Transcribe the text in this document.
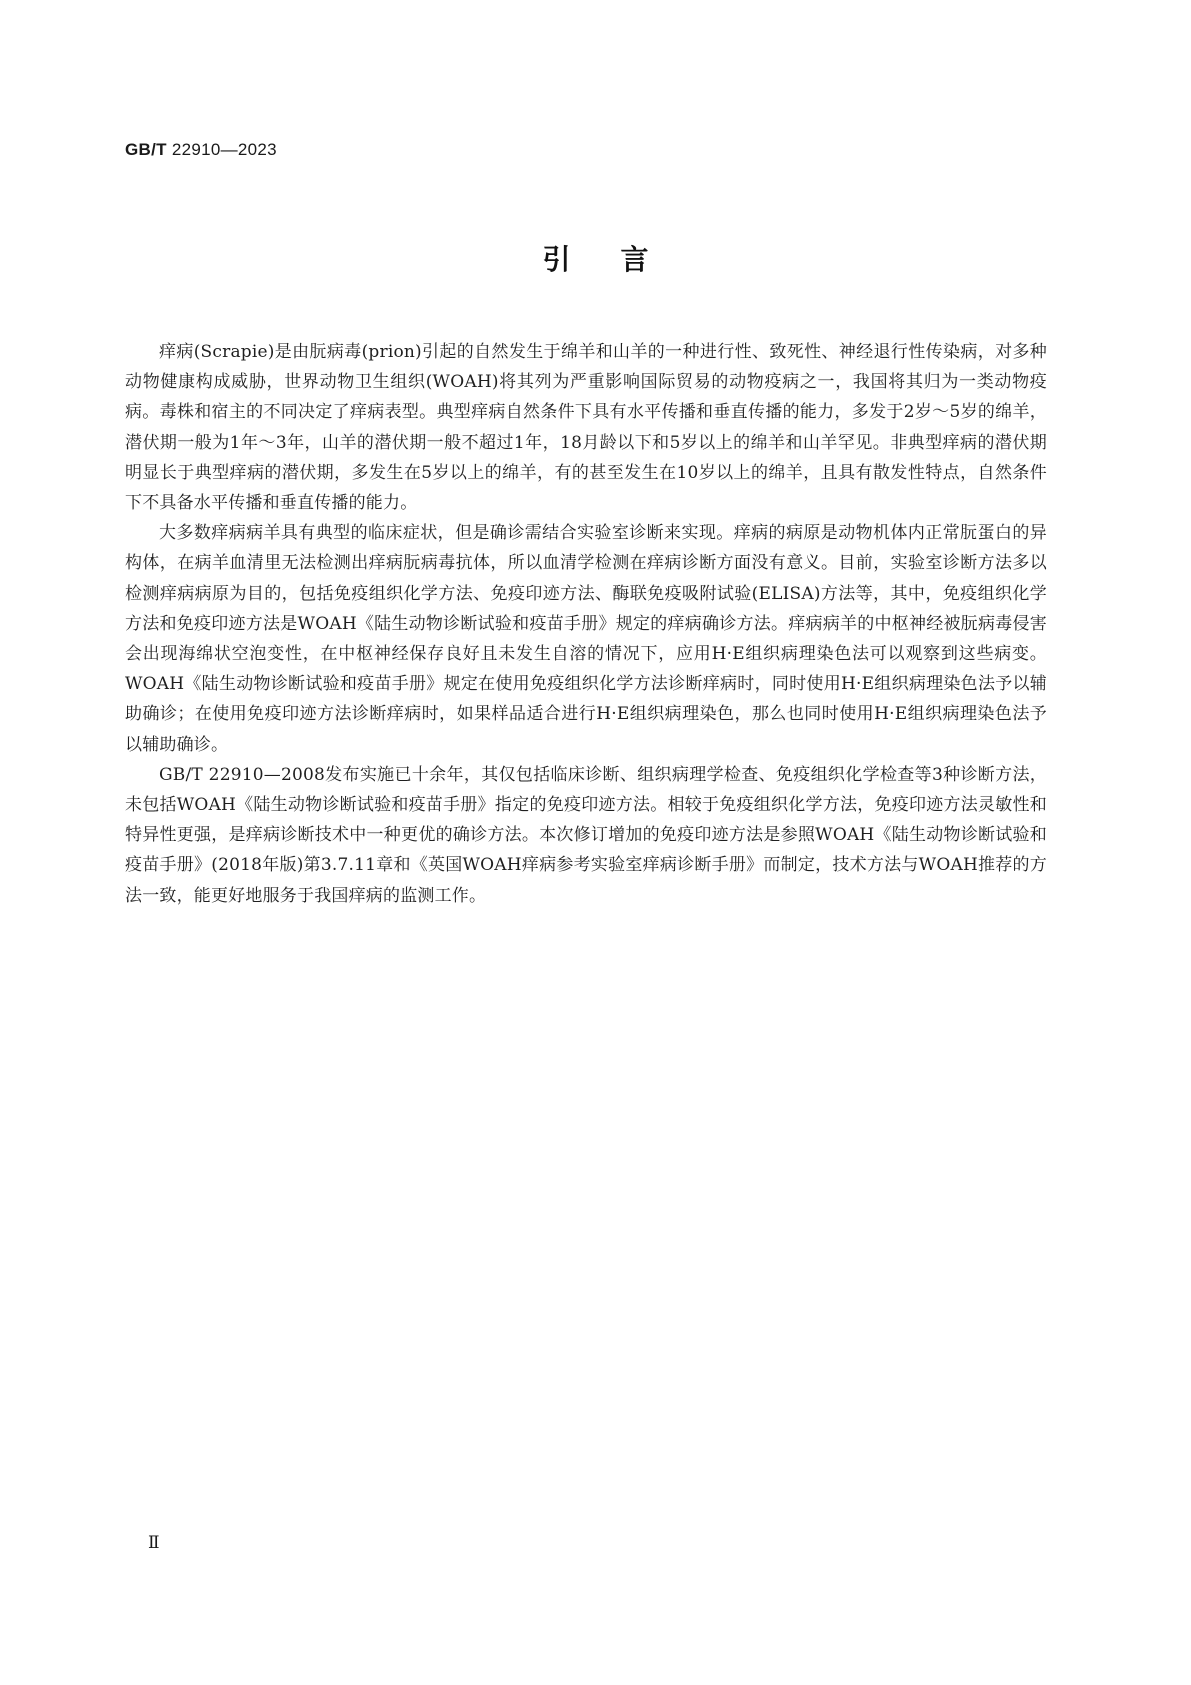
GB/T 22910—2023
引言

痒病(Scrapie)是由朊病毒(prion)引起的自然发生于绵羊和山羊的一种进行性、致死性、神经退行性传染病，对多种动物健康构成威胁，世界动物卫生组织(WOAH)将其列为严重影响国际贸易的动物疫病之一，我国将其归为一类动物疫病。毒株和宿主的不同决定了痒病表型。典型痒病自然条件下具有水平传播和垂直传播的能力，多发于2岁～5岁的绵羊，潜伏期一般为1年～3年，山羊的潜伏期一般不超过1年，18月龄以下和5岁以上的绵羊和山羊罕见。非典型痒病的潜伏期明显长于典型痒病的潜伏期，多发生在5岁以上的绵羊，有的甚至发生在10岁以上的绵羊，且具有散发性特点，自然条件下不具备水平传播和垂直传播的能力。

大多数痒病病羊具有典型的临床症状，但是确诊需结合实验室诊断来实现。痒病的病原是动物机体内正常朊蛋白的异构体，在病羊血清里无法检测出痒病朊病毒抗体，所以血清学检测在痒病诊断方面没有意义。目前，实验室诊断方法多以检测痒病病原为目的，包括免疫组织化学方法、免疫印迹方法、酶联免疫吸附试验(ELISA)方法等，其中，免疫组织化学方法和免疫印迹方法是WOAH《陆生动物诊断试验和疫苗手册》规定的痒病确诊方法。痒病病羊的中枢神经被朊病毒侵害会出现海绵状空泡变性，在中枢神经保存良好且未发生自溶的情况下，应用H·E组织病理染色法可以观察到这些病变。WOAH《陆生动物诊断试验和疫苗手册》规定在使用免疫组织化学方法诊断痒病时，同时使用H·E组织病理染色法予以辅助确诊；在使用免疫印迹方法诊断痒病时，如果样品适合进行H·E组织病理染色，那么也同时使用H·E组织病理染色法予以辅助确诊。

GB/T 22910—2008发布实施已十余年，其仅包括临床诊断、组织病理学检查、免疫组织化学检查等3种诊断方法，未包括WOAH《陆生动物诊断试验和疫苗手册》指定的免疫印迹方法。相较于免疫组织化学方法，免疫印迹方法灵敏性和特异性更强，是痒病诊断技术中一种更优的确诊方法。本次修订增加的免疫印迹方法是参照WOAH《陆生动物诊断试验和疫苗手册》(2018年版)第3.7.11章和《英国WOAH痒病参考实验室痒病诊断手册》而制定，技术方法与WOAH推荐的方法一致，能更好地服务于我国痒病的监测工作。

Ⅱ
